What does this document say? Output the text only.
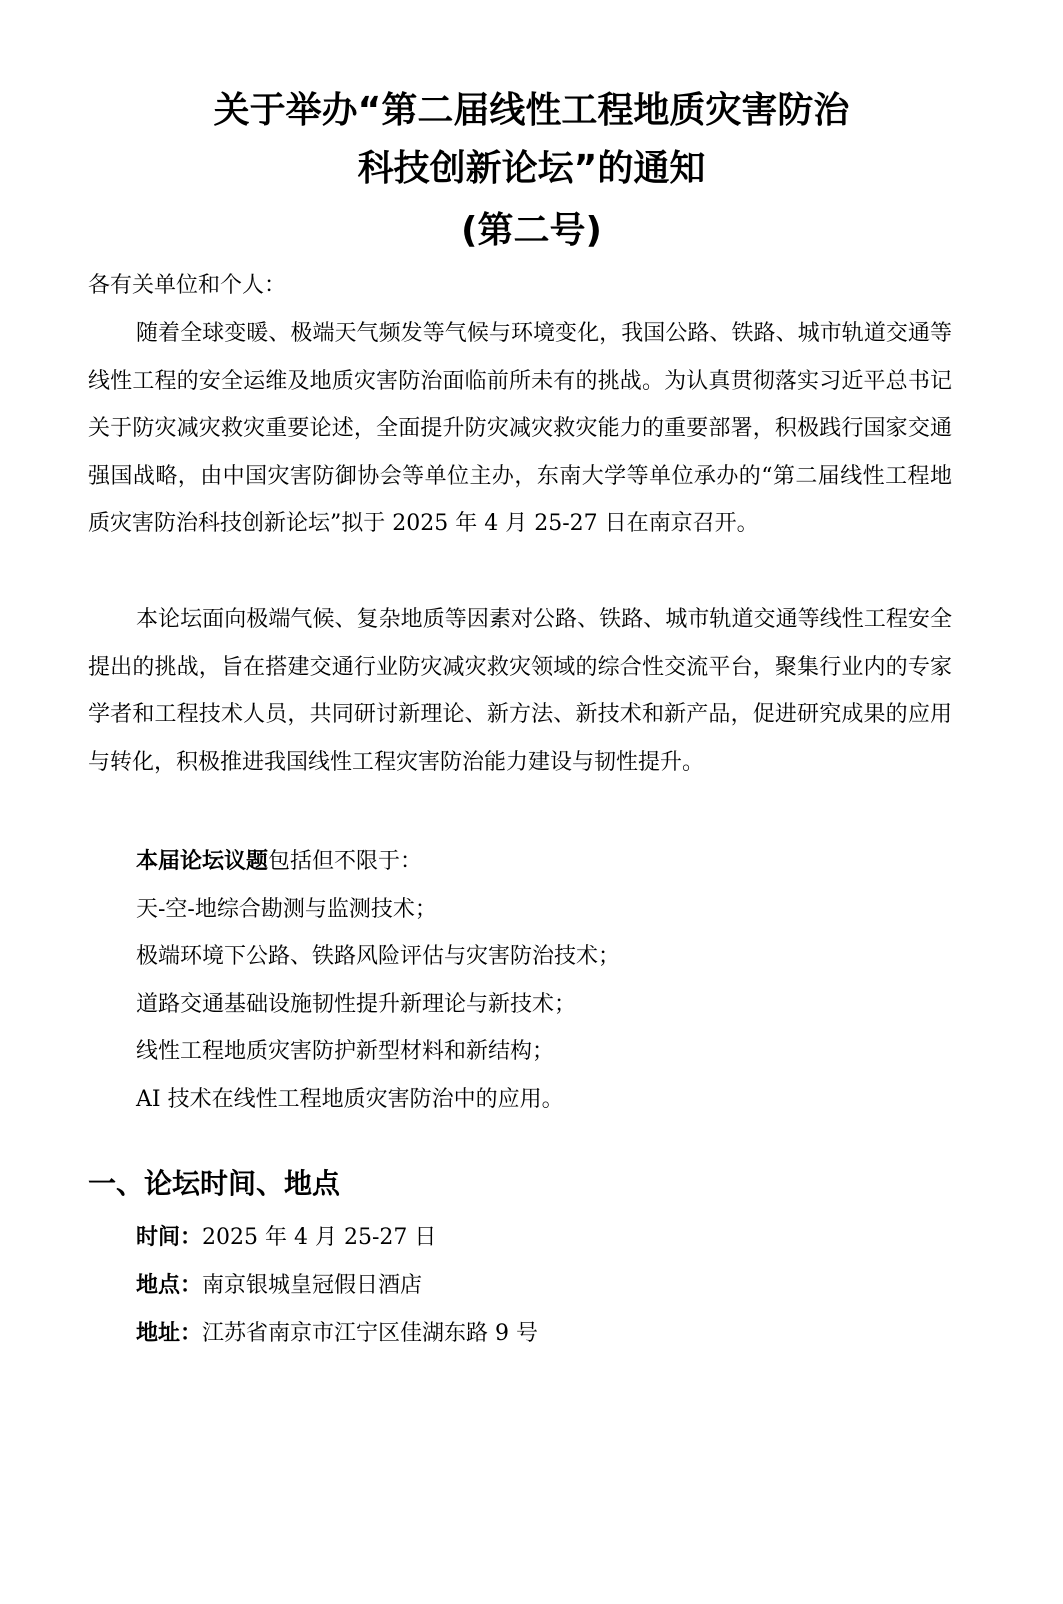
关于举办“第二届线性工程地质灾害防治
科技创新论坛”的通知
(第二号)
各有关单位和个人：

随着全球变暖、极端天气频发等气候与环境变化，我国公路、铁路、城市轨道交通等线性工程的安全运维及地质灾害防治面临前所未有的挑战。为认真贯彻落实习近平总书记关于防灾减灾救灾重要论述，全面提升防灾减灾救灾能力的重要部署，积极践行国家交通强国战略，由中国灾害防御协会等单位主办，东南大学等单位承办的“第二届线性工程地质灾害防治科技创新论坛”拟于 2025 年 4 月 25-27 日在南京召开。

本论坛面向极端气候、复杂地质等因素对公路、铁路、城市轨道交通等线性工程安全提出的挑战，旨在搭建交通行业防灾减灾救灾领域的综合性交流平台，聚集行业内的专家学者和工程技术人员，共同研讨新理论、新方法、新技术和新产品，促进研究成果的应用与转化，积极推进我国线性工程灾害防治能力建设与韧性提升。

本届论坛议题包括但不限于：
天-空-地综合勘测与监测技术；
极端环境下公路、铁路风险评估与灾害防治技术；
道路交通基础设施韧性提升新理论与新技术；
线性工程地质灾害防护新型材料和新结构；
AI 技术在线性工程地质灾害防治中的应用。
一、论坛时间、地点
时间：2025 年 4 月 25-27 日
地点：南京银城皇冠假日酒店
地址：江苏省南京市江宁区佳湖东路 9 号
